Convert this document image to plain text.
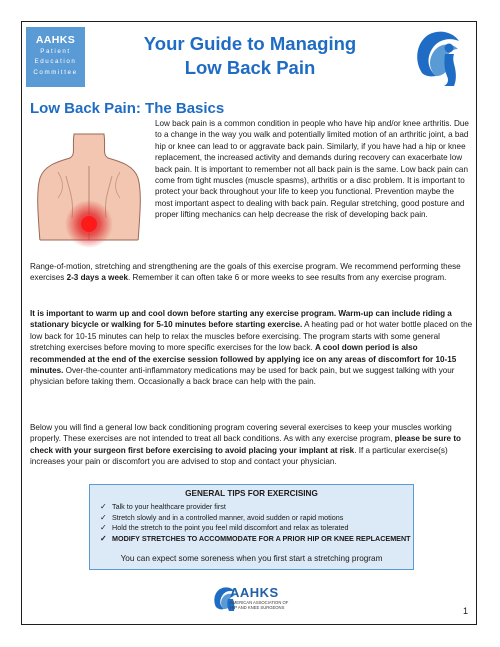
AAHKS
Patient
Education
Committee
Your Guide to Managing
Low Back Pain
Low Back Pain: The Basics
Low back pain is a common condition in people who have hip and/or knee arthritis. Due to a change in the way you walk and potentially limited motion of an arthritic joint, a bad hip or knee can lead to or aggravate back pain. Similarly, if you have had a hip or knee replacement, the increased activity and demands during recovery can exacerbate low back pain. It is important to remember not all back pain is the same. Low back pain can come from tight muscles (muscle spasms), arthritis or a disc problem. It is important to protect your back throughout your life to keep you functional. Prevention maybe the most important aspect to dealing with back pain. Regular stretching, good posture and proper lifting mechanics can help decrease the risk of developing back pain.
Range-of-motion, stretching and strengthening are the goals of this exercise program. We recommend performing these exercises 2-3 days a week. Remember it can often take 6 or more weeks to see results from any exercise program.
It is important to warm up and cool down before starting any exercise program. Warm-up can include riding a stationary bicycle or walking for 5-10 minutes before starting exercise. A heating pad or hot water bottle placed on the low back for 10-15 minutes can help to relax the muscles before exercising. The program starts with some general stretching exercises before moving to more specific exercises for the low back. A cool down period is also recommended at the end of the exercise session followed by applying ice on any areas of discomfort for 10-15 minutes. Over-the-counter anti-inflammatory medications may be used for back pain, but we suggest talking with your physician before taking them. Occasionally a back brace can help with the pain.
Below you will find a general low back conditioning program covering several exercises to keep your muscles working properly. These exercises are not intended to treat all back conditions. As with any exercise program, please be sure to check with your surgeon first before exercising to avoid placing your implant at risk. If a particular exercise(s) increases your pain or discomfort you are advised to stop and contact your physician.
GENERAL TIPS FOR EXERCISING
✓ Talk to your healthcare provider first
✓ Stretch slowly and in a controlled manner, avoid sudden or rapid motions
✓ Hold the stretch to the point you feel mild discomfort and relax as tolerated
✓ MODIFY STRETCHES TO ACCOMMODATE FOR A PRIOR HIP OR KNEE REPLACEMENT
You can expect some soreness when you first start a stretching program
AAHKS
AMERICAN ASSOCIATION OF
HIP AND KNEE SURGEONS	1
